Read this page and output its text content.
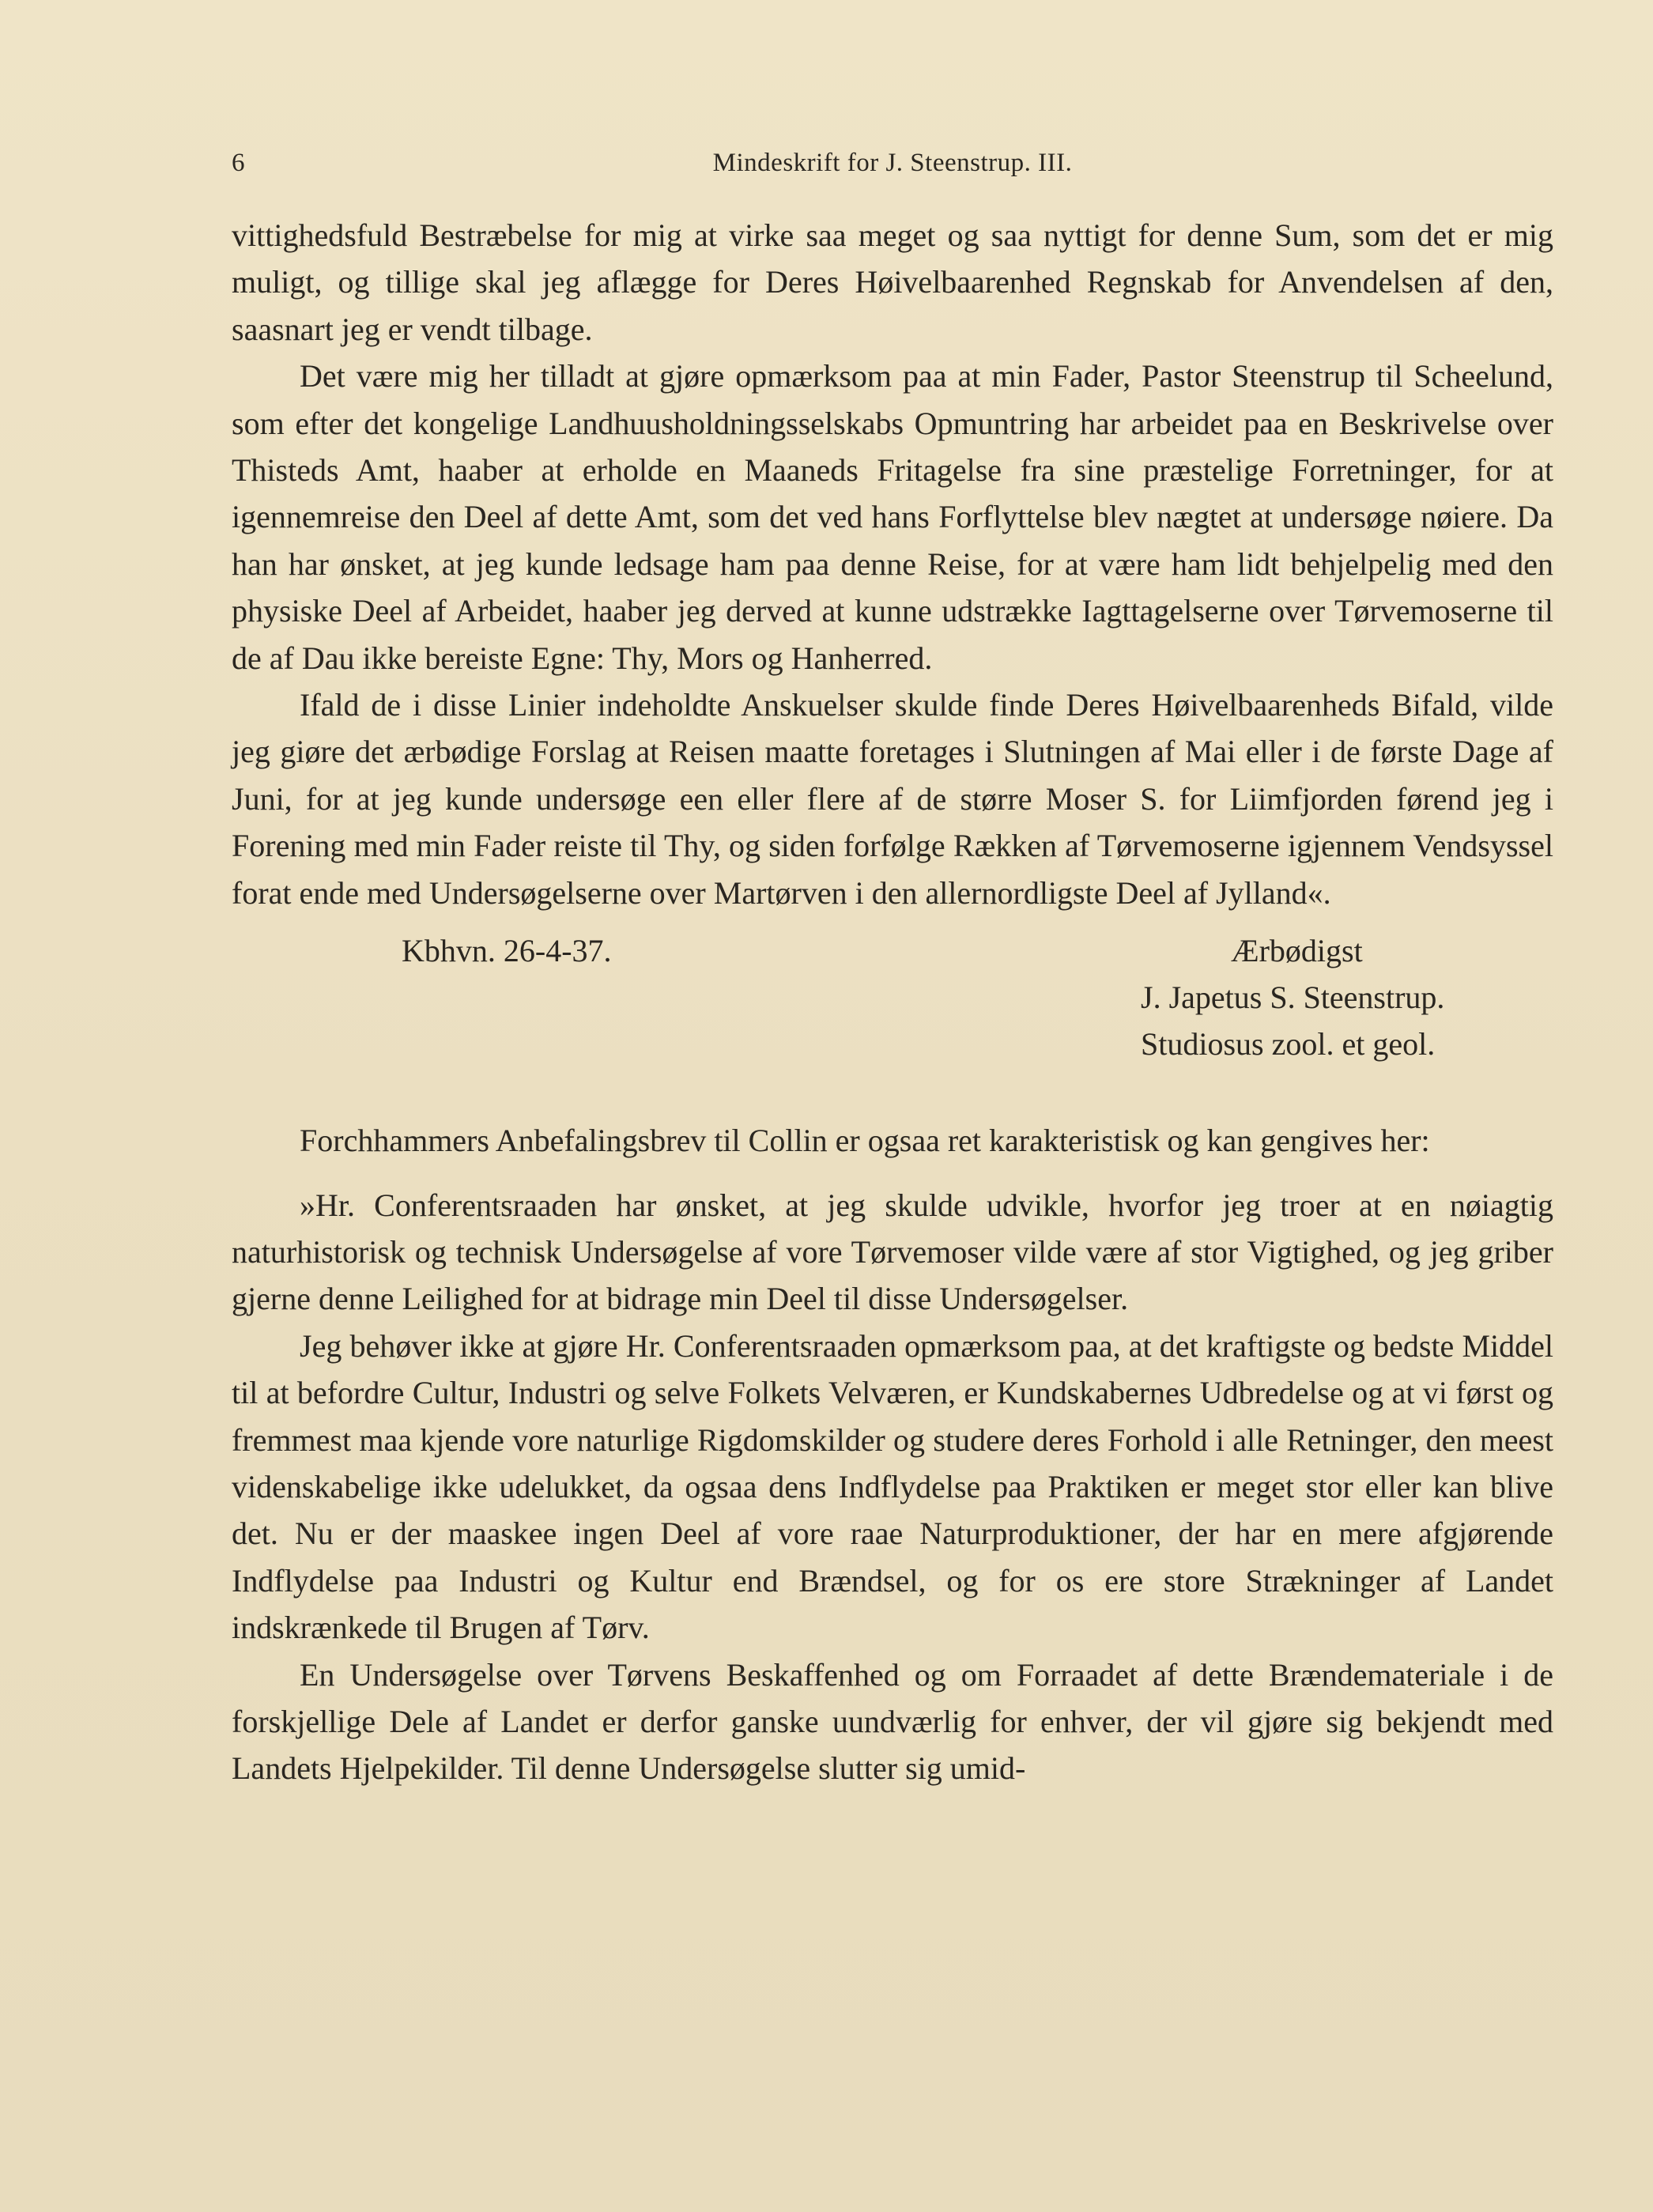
6	Mindeskrift for J. Steenstrup. III.

vittighedsfuld Bestræbelse for mig at virke saa meget og saa nyttigt for denne Sum, som det er mig muligt, og tillige skal jeg aflægge for Deres Høivelbaarenhed Regnskab for Anvendelsen af den, saasnart jeg er vendt tilbage.

Det være mig her tilladt at gjøre opmærksom paa at min Fader, Pastor Steenstrup til Scheelund, som efter det kongelige Landhuusholdningsselskabs Opmuntring har arbeidet paa en Beskrivelse over Thisteds Amt, haaber at erholde en Maaneds Fritagelse fra sine præstelige Forretninger, for at igennemreise den Deel af dette Amt, som det ved hans Forflyttelse blev nægtet at undersøge nøiere. Da han har ønsket, at jeg kunde ledsage ham paa denne Reise, for at være ham lidt behjelpelig med den physiske Deel af Arbeidet, haaber jeg derved at kunne udstrække Iagttagelserne over Tørvemoserne til de af Dau ikke bereiste Egne: Thy, Mors og Hanherred.

Ifald de i disse Linier indeholdte Anskuelser skulde finde Deres Høivelbaarenheds Bifald, vilde jeg giøre det ærbødige Forslag at Reisen maatte foretages i Slutningen af Mai eller i de første Dage af Juni, for at jeg kunde undersøge een eller flere af de større Moser S. for Liimfjorden førend jeg i Forening med min Fader reiste til Thy, og siden forfølge Rækken af Tørvemoserne igjennem Vendsyssel forat ende med Undersøgelserne over Martørven i den allernordligste Deel af Jylland«.

Kbhvn. 26-4-37.	Ærbødigst
J. Japetus S. Steenstrup.
Studiosus zool. et geol.

Forchhammers Anbefalingsbrev til Collin er ogsaa ret karakteristisk og kan gengives her:

»Hr. Conferentsraaden har ønsket, at jeg skulde udvikle, hvorfor jeg troer at en nøiagtig naturhistorisk og technisk Undersøgelse af vore Tørvemoser vilde være af stor Vigtighed, og jeg griber gjerne denne Leilighed for at bidrage min Deel til disse Undersøgelser.

Jeg behøver ikke at gjøre Hr. Conferentsraaden opmærksom paa, at det kraftigste og bedste Middel til at befordre Cultur, Industri og selve Folkets Velværen, er Kundskabernes Udbredelse og at vi først og fremmest maa kjende vore naturlige Rigdomskilder og studere deres Forhold i alle Retninger, den meest videnskabelige ikke udelukket, da ogsaa dens Indflydelse paa Praktiken er meget stor eller kan blive det. Nu er der maaskee ingen Deel af vore raae Naturproduktioner, der har en mere afgjørende Indflydelse paa Industri og Kultur end Brændsel, og for os ere store Strækninger af Landet indskrænkede til Brugen af Tørv.

En Undersøgelse over Tørvens Beskaffenhed og om Forraadet af dette Brændemateriale i de forskjellige Dele af Landet er derfor ganske uundværlig for enhver, der vil gjøre sig bekjendt med Landets Hjelpekilder. Til denne Undersøgelse slutter sig umid-
